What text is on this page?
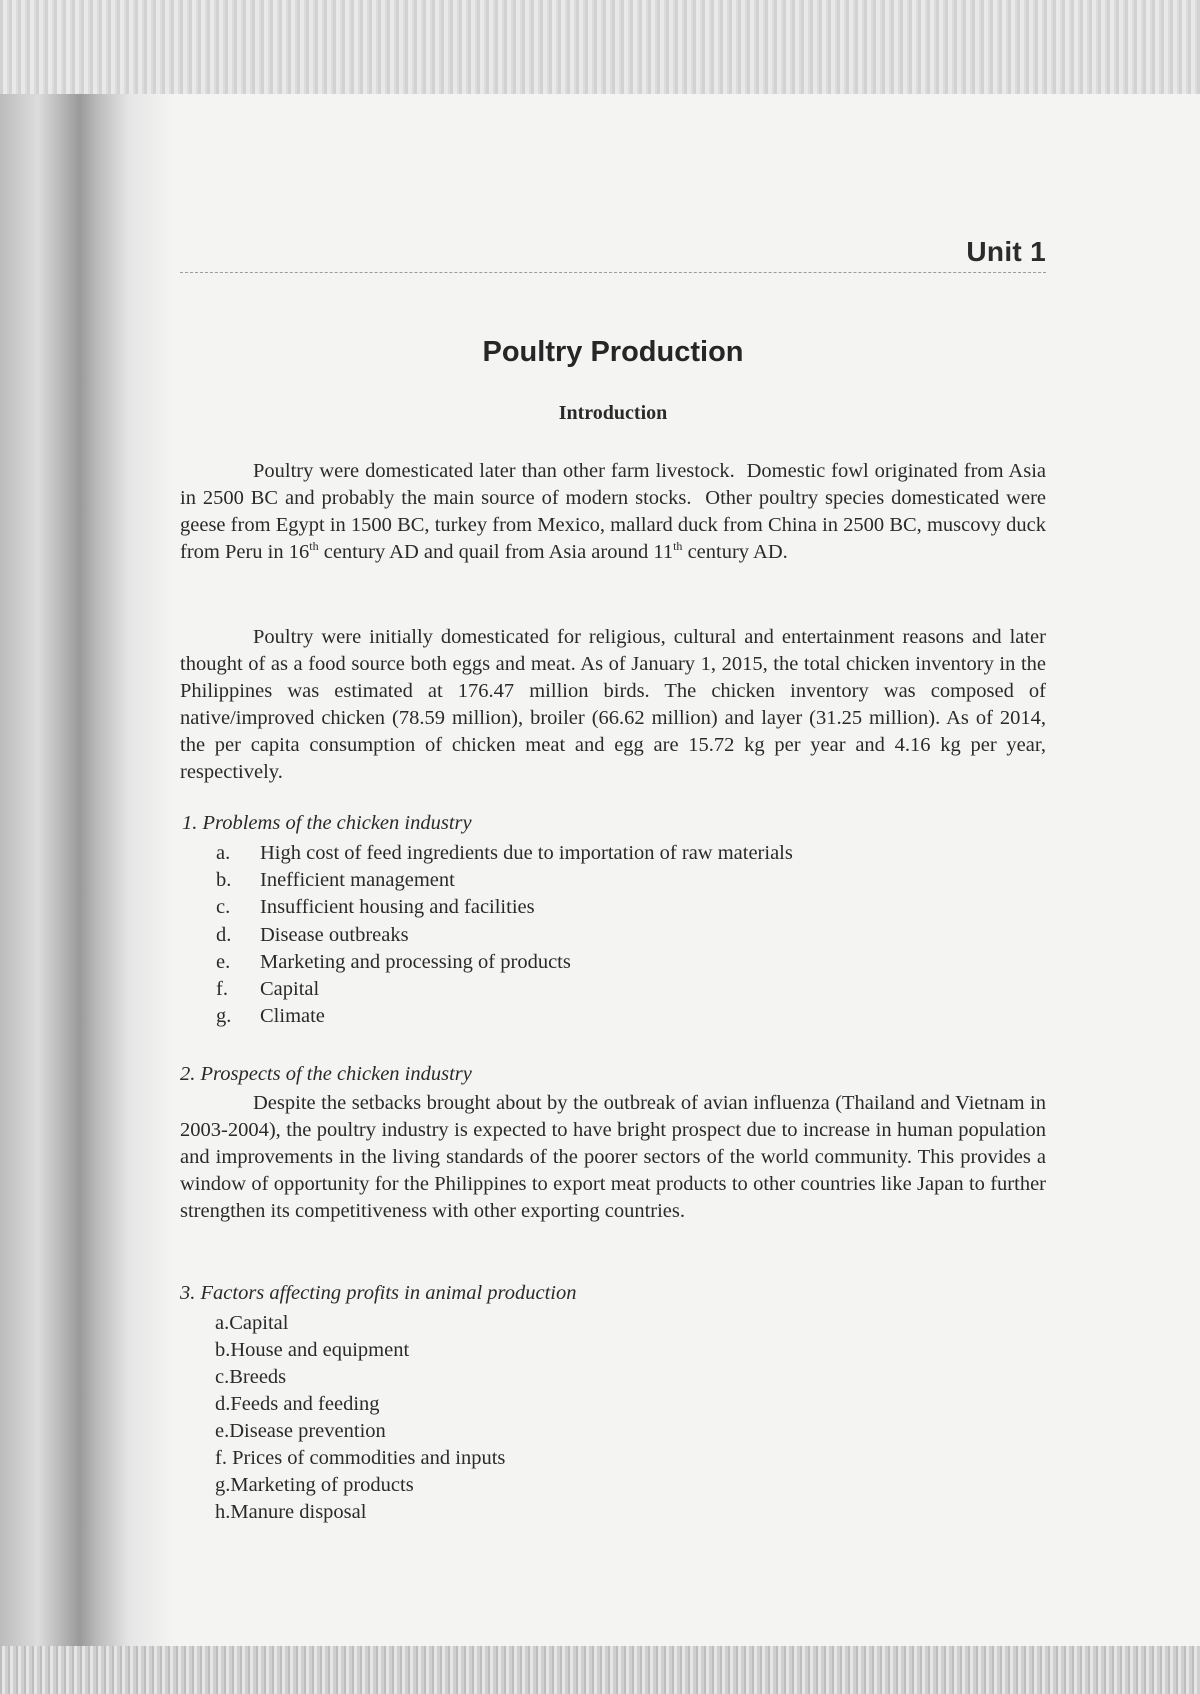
Unit 1
Poultry Production
Introduction

Poultry were domesticated later than other farm livestock.  Domestic fowl originated from Asia in 2500 BC and probably the main source of modern stocks.  Other poultry species domesticated were geese from Egypt in 1500 BC, turkey from Mexico, mallard duck from China in 2500 BC, muscovy duck from Peru in 16th century AD and quail from Asia around 11th century AD.

Poultry were initially domesticated for religious, cultural and entertainment reasons and later thought of as a food source both eggs and meat. As of January 1, 2015, the total chicken inventory in the Philippines was estimated at 176.47 million birds. The chicken inventory was composed of native/improved chicken (78.59 million), broiler (66.62 million) and layer (31.25 million). As of 2014, the per capita consumption of chicken meat and egg are 15.72 kg per year and 4.16 kg per year, respectively.

1. Problems of the chicken industry
a. High cost of feed ingredients due to importation of raw materials
b. Inefficient management
c. Insufficient housing and facilities
d. Disease outbreaks
e. Marketing and processing of products
f. Capital
g. Climate
2. Prospects of the chicken industry

Despite the setbacks brought about by the outbreak of avian influenza (Thailand and Vietnam in 2003-2004), the poultry industry is expected to have bright prospect due to increase in human population and improvements in the living standards of the poorer sectors of the world community. This provides a window of opportunity for the Philippines to export meat products to other countries like Japan to further strengthen its competitiveness with other exporting countries.

3. Factors affecting profits in animal production
a.Capital
b.House and equipment
c.Breeds
d.Feeds and feeding
e.Disease prevention
f. Prices of commodities and inputs
g.Marketing of products
h.Manure disposal
